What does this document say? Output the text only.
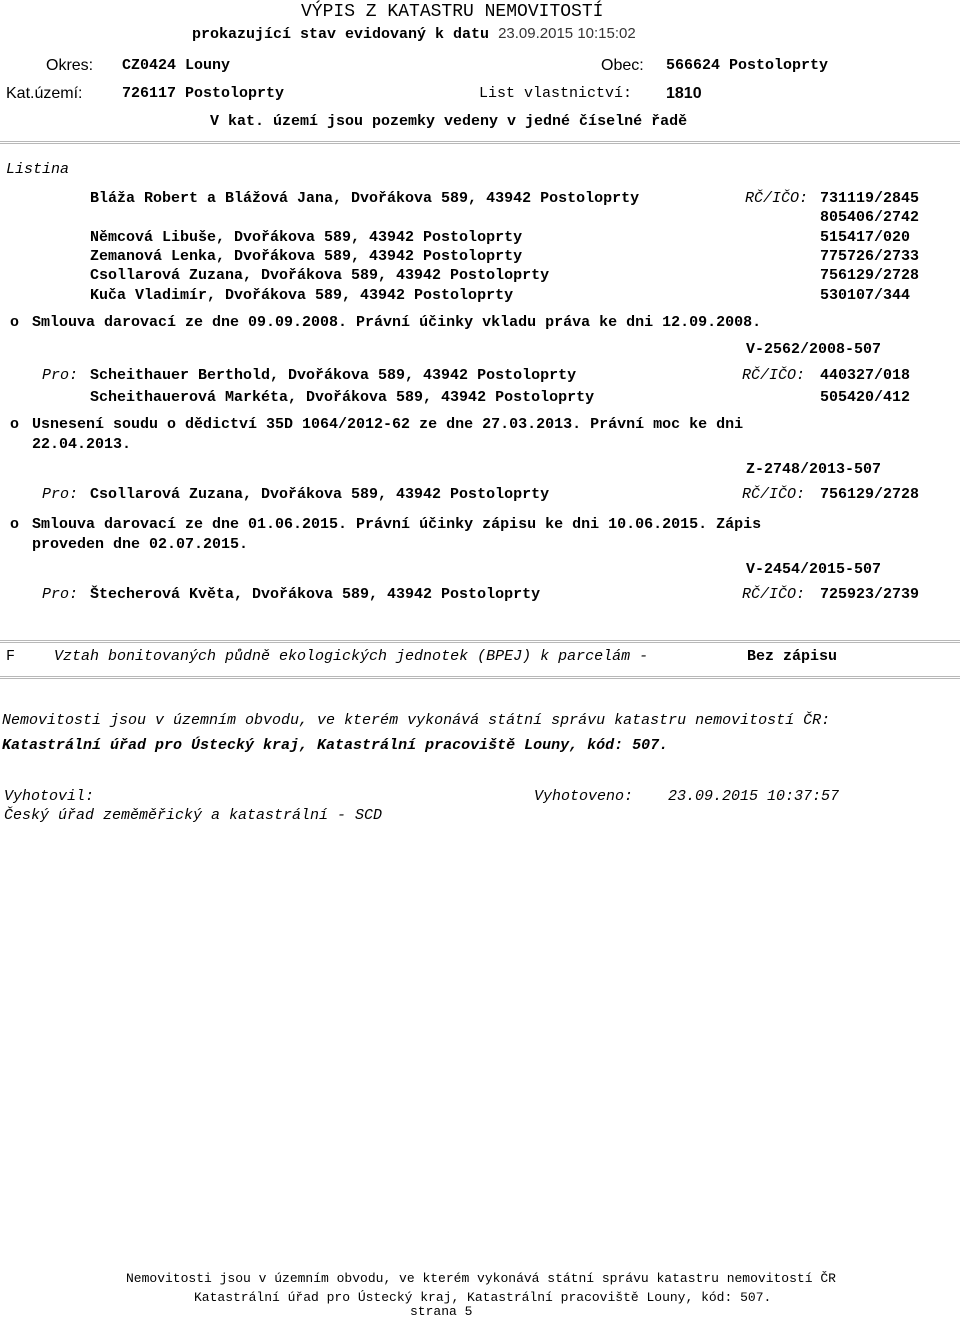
VÝPIS Z KATASTRU NEMOVITOSTÍ
prokazující stav evidovaný k datu 23.09.2015 10:15:02
Okres: CZ0424 Louny	Obec: 566624 Postoloprty
Kat.území:	726117 Postoloprty	List vlastnictví: 1810
V kat. území jsou pozemky vedeny v jedné číselné řadě
Listina
Bláža Robert a Blážová Jana, Dvořákova 589, 43942 Postoloprty	RČ/IČO: 731119/2845
805406/2742
Němcová Libuše, Dvořákova 589, 43942 Postoloprty	515417/020
Zemanová Lenka, Dvořákova 589, 43942 Postoloprty	775726/2733
Csollarová Zuzana, Dvořákova 589, 43942 Postoloprty	756129/2728
Kuča Vladimír, Dvořákova 589, 43942 Postoloprty	530107/344
o Smlouva darovací ze dne 09.09.2008. Právní účinky vkladu práva ke dni 12.09.2008.
V-2562/2008-507
Pro: Scheithauer Berthold, Dvořákova 589, 43942 Postoloprty	RČ/IČO: 440327/018
Scheithauerová Markéta, Dvořákova 589, 43942 Postoloprty	505420/412
o Usnesení soudu o dědictví 35D 1064/2012-62 ze dne 27.03.2013. Právní moc ke dni
22.04.2013.
Z-2748/2013-507
Pro: Csollarová Zuzana, Dvořákova 589, 43942 Postoloprty	RČ/IČO: 756129/2728
o Smlouva darovací ze dne 01.06.2015. Právní účinky zápisu ke dni 10.06.2015. Zápis
proveden dne 02.07.2015.
V-2454/2015-507
Pro: Štecherová Květa, Dvořákova 589, 43942 Postoloprty	RČ/IČO: 725923/2739
F	Vztah bonitovaných půdně ekologických jednotek (BPEJ) k parcelám -	Bez zápisu
Nemovitosti jsou v územním obvodu, ve kterém vykonává státní správu katastru nemovitostí ČR:
Katastrální úřad pro Ústecký kraj, Katastrální pracoviště Louny, kód: 507.
Vyhotovil:	Vyhotoveno: 23.09.2015 10:37:57
Český úřad zeměměřický a katastrální - SCD
Nemovitosti jsou v územním obvodu, ve kterém vykonává státní správu katastru nemovitostí ČR
Katastrální úřad pro Ústecký kraj, Katastrální pracoviště Louny, kód: 507.
strana 5
